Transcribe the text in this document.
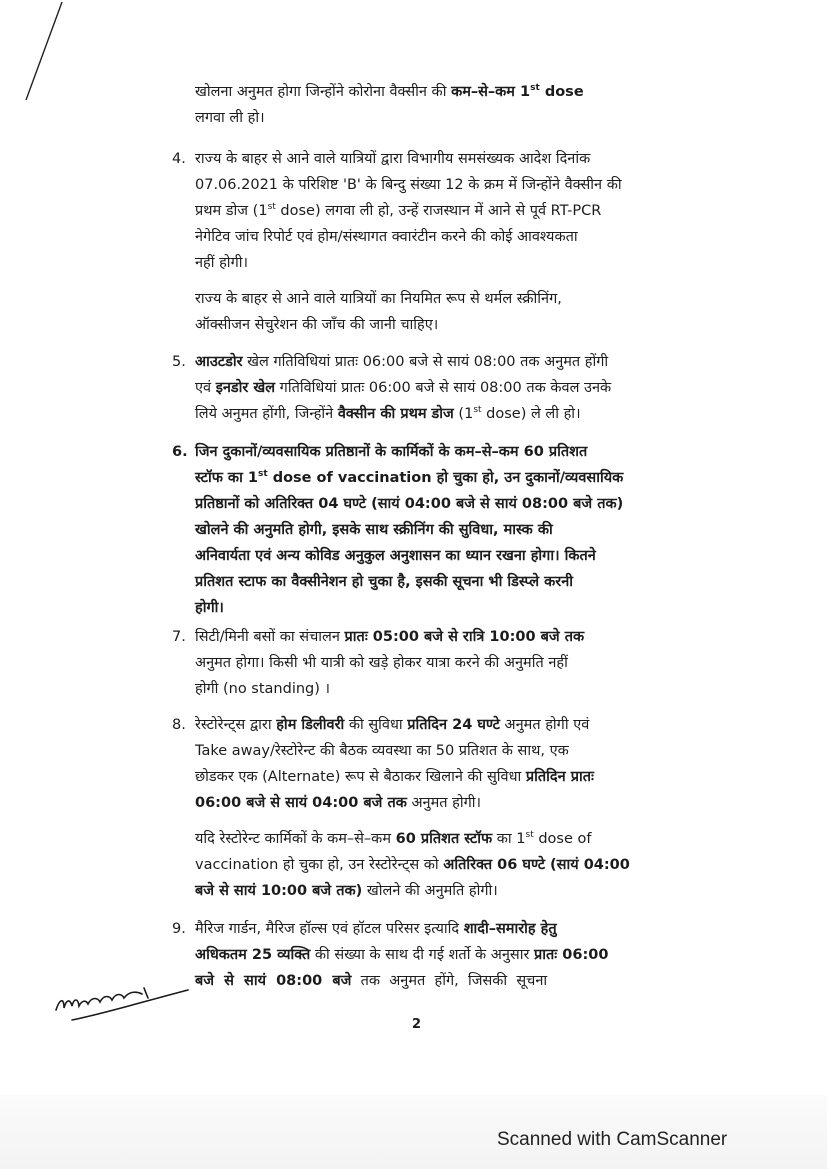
खोलना अनुमत होगा जिन्होंने कोरोना वैक्सीन की कम–से–कम 1st dose
लगवा ली हो।

4. राज्य के बाहर से आने वाले यात्रियों द्वारा विभागीय समसंख्यक आदेश दिनांक
07.06.2021 के परिशिष्ट 'B' के बिन्दु संख्या 12 के क्रम में जिन्होंने वैक्सीन की
प्रथम डोज (1st dose) लगवा ली हो, उन्हें राजस्थान में आने से पूर्व RT-PCR
नेगेटिव जांच रिपोर्ट एवं होम/संस्थागत क्वारंटीन करने की कोई आवश्यकता
नहीं होगी।

राज्य के बाहर से आने वाले यात्रियों का नियमित रूप से थर्मल स्क्रीनिंग,
ऑक्सीजन सेचुरेशन की जाँच की जानी चाहिए।

5. आउटडोर खेल गतिविधियां प्रातः 06:00 बजे से सायं 08:00 तक अनुमत होंगी
एवं इनडोर खेल गतिविधियां प्रातः 06:00 बजे से सायं 08:00 तक केवल उनके
लिये अनुमत होंगी, जिन्होंने वैक्सीन की प्रथम डोज (1st dose) ले ली हो।

6. जिन दुकानों/व्यवसायिक प्रतिष्ठानों के कार्मिकों के कम–से–कम 60 प्रतिशत
स्टॉफ का 1st dose of vaccination हो चुका हो, उन दुकानों/व्यवसायिक
प्रतिष्ठानों को अतिरिक्त 04 घण्टे (सायं 04:00 बजे से सायं 08:00 बजे तक)
खोलने की अनुमति होगी, इसके साथ स्क्रीनिंग की सुविधा, मास्क की
अनिवार्यता एवं अन्य कोविड अनुकुल अनुशासन का ध्यान रखना होगा। कितने
प्रतिशत स्टाफ का वैक्सीनेशन हो चुका है, इसकी सूचना भी डिस्प्ले करनी
होगी।

7. सिटी/मिनी बसों का संचालन प्रातः 05:00 बजे से रात्रि 10:00 बजे तक
अनुमत होगा। किसी भी यात्री को खड़े होकर यात्रा करने की अनुमति नहीं
होगी (no standing) ।

8. रेस्टोरेन्ट्स द्वारा होम डिलीवरी की सुविधा प्रतिदिन 24 घण्टे अनुमत होगी एवं
Take away/रेस्टोरेन्ट की बैठक व्यवस्था का 50 प्रतिशत के साथ, एक
छोडकर एक (Alternate) रूप से बैठाकर खिलाने की सुविधा प्रतिदिन प्रातः
06:00 बजे से सायं 04:00 बजे तक अनुमत होगी।

यदि रेस्टोरेन्ट कार्मिकों के कम–से–कम 60 प्रतिशत स्टॉफ का 1st dose of
vaccination हो चुका हो, उन रेस्टोरेन्ट्स को अतिरिक्त 06 घण्टे (सायं 04:00
बजे से सायं 10:00 बजे तक) खोलने की अनुमति होगी।

9. मैरिज गार्डन, मैरिज हॉल्स एवं हॉटल परिसर इत्यादि शादी–समारोह हेतु
अधिकतम 25 व्यक्ति की संख्या के साथ दी गई शर्तो के अनुसार प्रातः 06:00
बजे  से  सायं  08:00  बजे  तक  अनुमत  होंगे,  जिसकी  सूचना

2
Scanned with CamScanner
